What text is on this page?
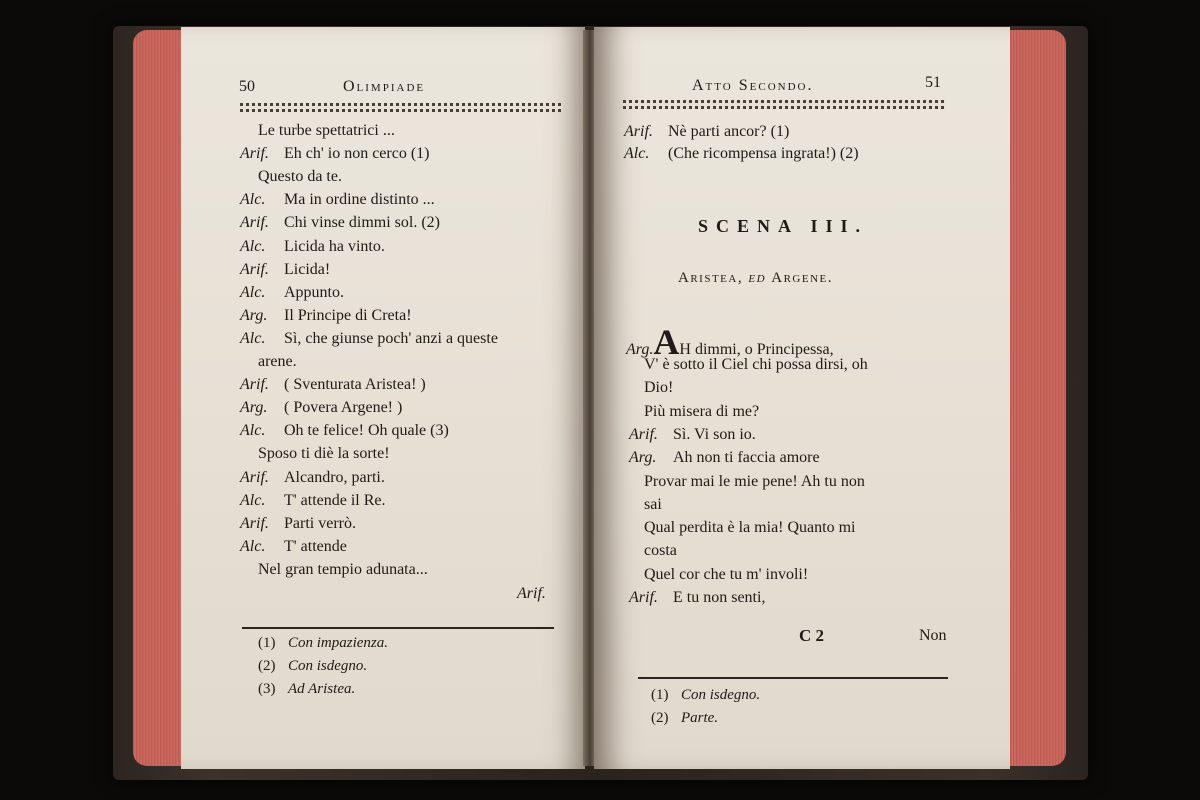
50	Olimpiade
Le turbe spettatrici ...
Arif. Eh ch' io non cerco (1)
Questo da te.
Alc. Ma in ordine distinto ...
Arif. Chi vinse dimmi sol. (2)
Alc. Licida ha vinto.
Arif. Licida!
Alc. Appunto.
Arg. Il Principe di Creta!
Alc. Sì, che giunse poch' anzi a queste
arene.
Arif. ( Sventurata Aristea! )
Arg. ( Povera Argene! )
Alc. Oh te felice! Oh quale (3)
Sposo ti diè la sorte!
Arif. Alcandro, parti.
Alc. T' attende il Re.
Arif. Parti verrò.
Alc. T' attende
Nel gran tempio adunata...
Arif.
(1) Con impazienza.
(2) Con isdegno.
(3) Ad Aristea.
Atto Secondo.	51
Arif. Nè parti ancor? (1)
Alc. (Che ricompensa ingrata!) (2)
SCENA III.
Aristea, ed Argene.
Arg.AH dimmi, o Principessa,
V' è sotto il Ciel chi possa dirsi, oh
Dio!
Più misera di me?
Arif. Sì. Vi son io.
Arg. Ah non ti faccia amore
Provar mai le mie pene! Ah tu non
sai
Qual perdita è la mia! Quanto mi
costa
Quel cor che tu m' involi!
Arif. E tu non senti,
C 2	Non
(1) Con isdegno.
(2) Parte.
